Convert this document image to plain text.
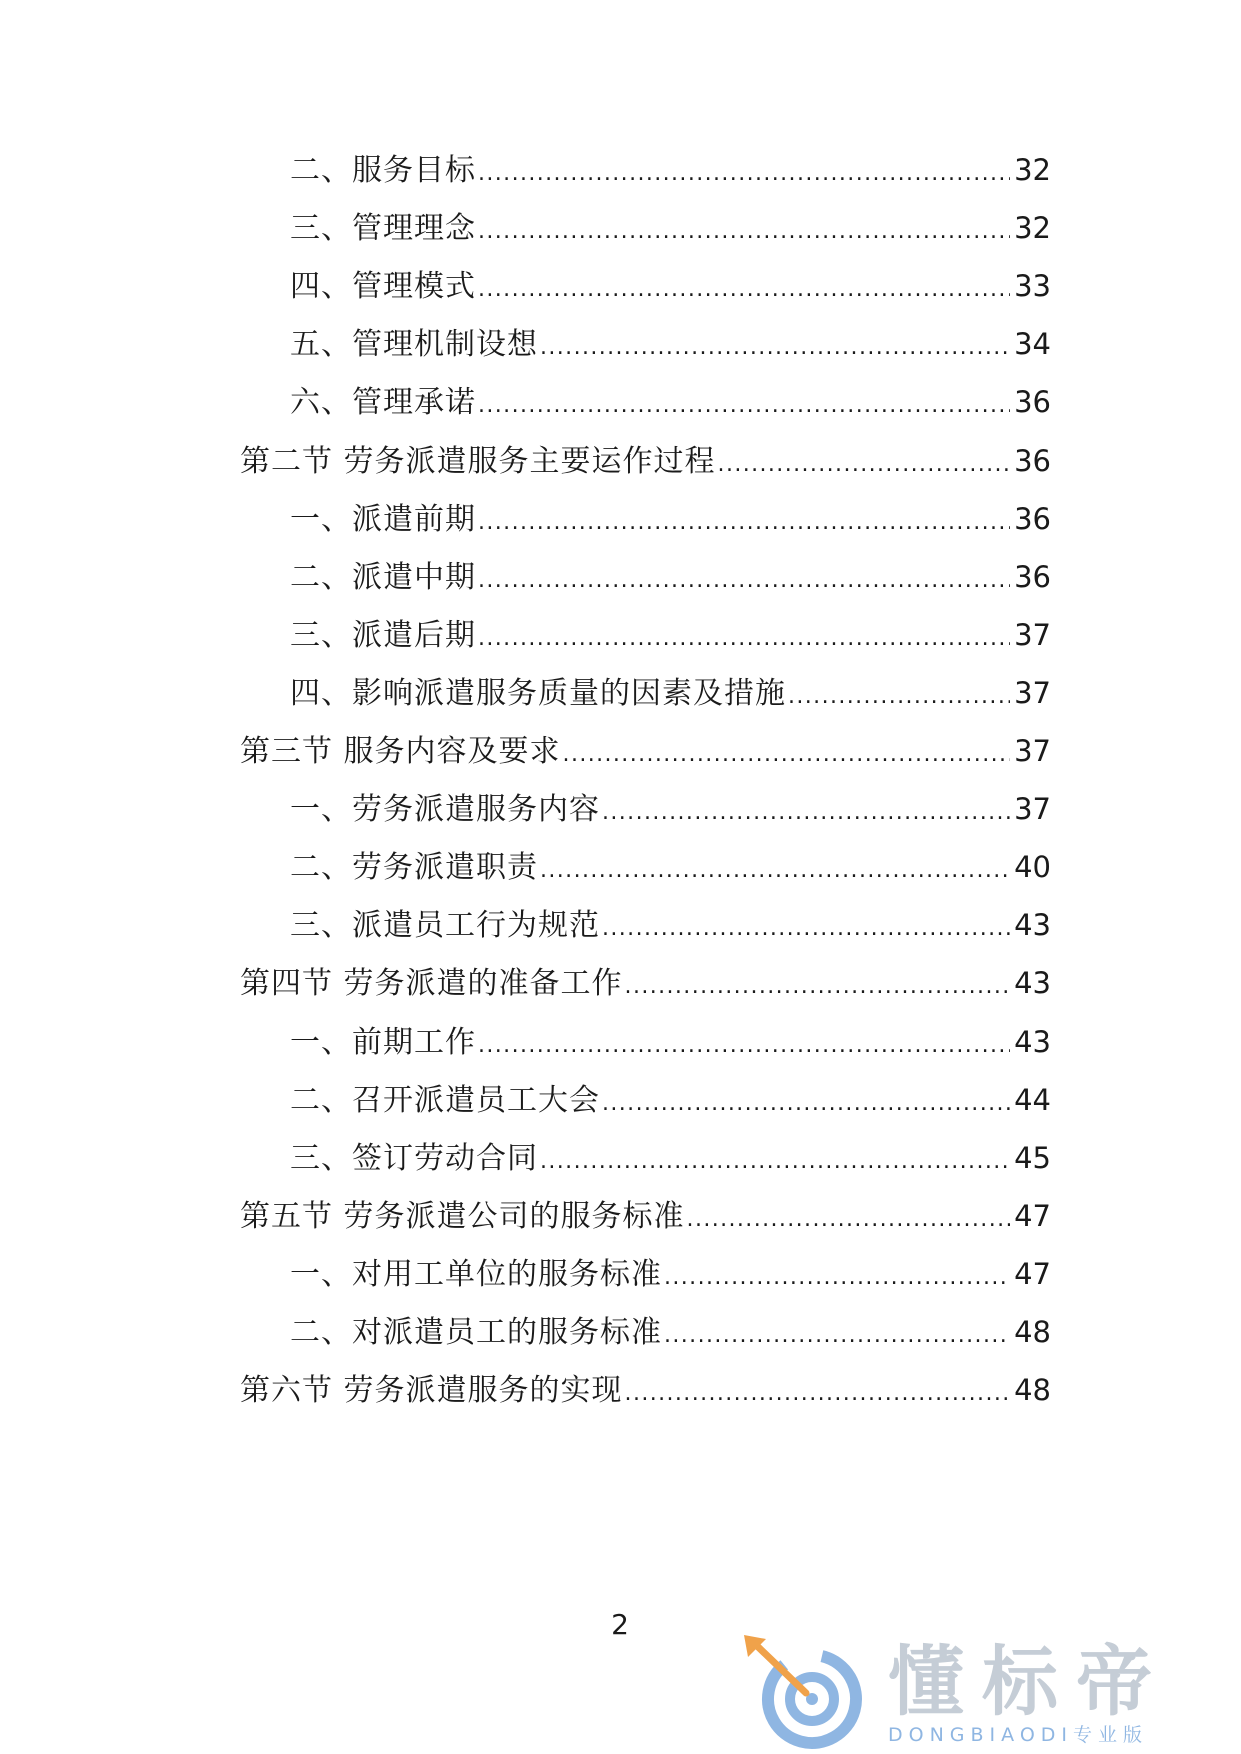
二、服务目标 .....	32
三、管理理念 .....	32
四、管理模式 .....	33
五、管理机制设想 .....	34
六、管理承诺 .....	36
第二节 劳务派遣服务主要运作过程 .....	36
一、派遣前期 .....	36
二、派遣中期 .....	36
三、派遣后期 .....	37
四、影响派遣服务质量的因素及措施 .....	37
第三节 服务内容及要求 .....	37
一、劳务派遣服务内容 .....	37
二、劳务派遣职责 .....	40
三、派遣员工行为规范 .....	43
第四节 劳务派遣的准备工作 .....	43
一、前期工作 .....	43
二、召开派遣员工大会 .....	44
三、签订劳动合同 .....	45
第五节 劳务派遣公司的服务标准 .....	47
一、对用工单位的服务标准 .....	47
二、对派遣员工的服务标准 .....	48
第六节 劳务派遣服务的实现 .....	48
2
懂标帝
DONGBIAODI专业版
